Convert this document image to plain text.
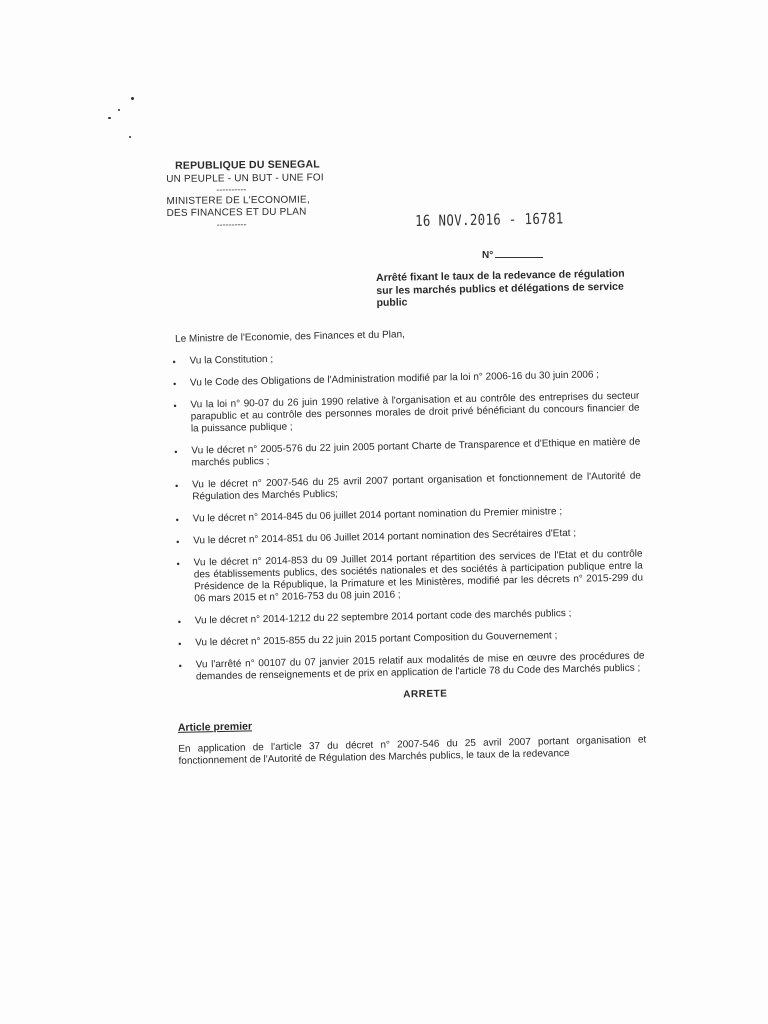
REPUBLIQUE DU SENEGAL
UN PEUPLE - UN BUT - UNE FOI
----------
MINISTERE DE L'ECONOMIE,
DES FINANCES ET DU PLAN
----------	16 NOV.2016 - 16781
N°
Arrêté fixant le taux de la redevance de régulation sur les marchés publics et délégations de service public
Le Ministre de l'Economie, des Finances et du Plan,
• Vu la Constitution ;
• Vu le Code des Obligations de l'Administration modifié par la loi n° 2006-16 du 30 juin 2006 ;
• Vu la loi n° 90-07 du 26 juin 1990 relative à l'organisation et au contrôle des entreprises du secteur parapublic et au contrôle des personnes morales de droit privé bénéficiant du concours financier de la puissance publique ;
• Vu le décret n° 2005-576 du 22 juin 2005 portant Charte de Transparence et d'Ethique en matière de marchés publics ;
• Vu le décret n° 2007-546 du 25 avril 2007 portant organisation et fonctionnement de l'Autorité de Régulation des Marchés Publics;
• Vu le décret n° 2014-845 du 06 juillet 2014 portant nomination du Premier ministre ;
• Vu le décret n° 2014-851 du 06 Juillet 2014 portant nomination des Secrétaires d'Etat ;
• Vu le décret n° 2014-853 du 09 Juillet 2014 portant répartition des services de l'Etat et du contrôle des établissements publics, des sociétés nationales et des sociétés à participation publique entre la Présidence de la République, la Primature et les Ministères, modifié par les décrets n° 2015-299 du 06 mars 2015 et n° 2016-753 du 08 juin 2016 ;
• Vu le décret n° 2014-1212 du 22 septembre 2014 portant code des marchés publics ;
• Vu le décret n° 2015-855 du 22 juin 2015 portant Composition du Gouvernement ;
• Vu l'arrêté n° 00107 du 07 janvier 2015 relatif aux modalités de mise en œuvre des procédures de demandes de renseignements et de prix en application de l'article 78 du Code des Marchés publics ;
ARRETE
Article premier
En application de l'article 37 du décret n° 2007-546 du 25 avril 2007 portant organisation et fonctionnement de l'Autorité de Régulation des Marchés publics, le taux de la redevance
